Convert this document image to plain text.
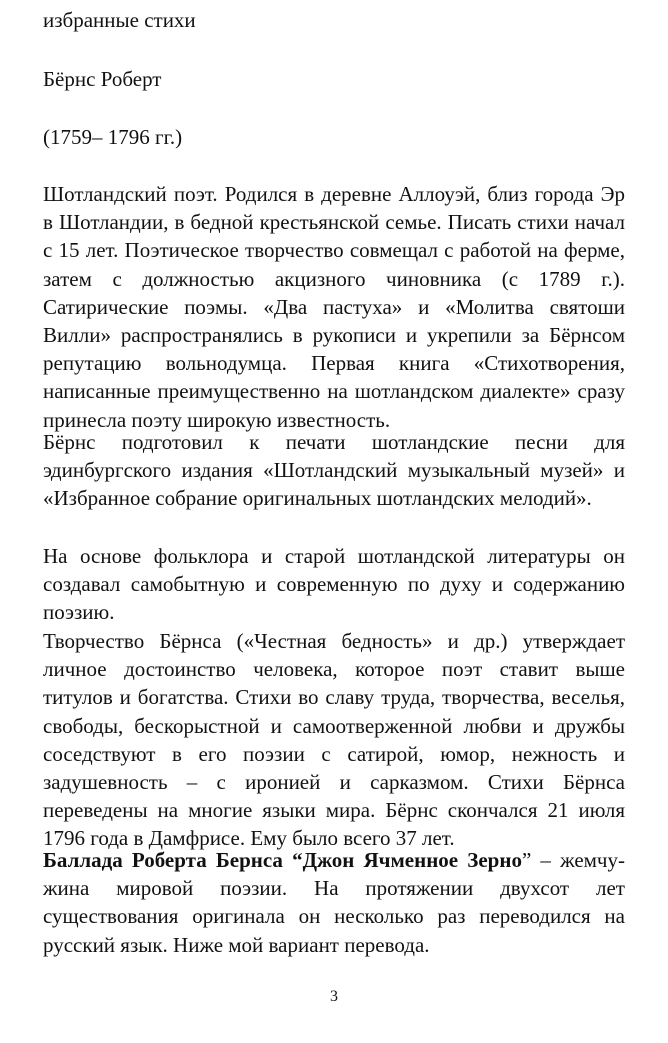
избранные стихи

Бёрнс Роберт

(1759– 1796 гг.)

Шотландский поэт. Родился в деревне Аллоуэй, близ города Эр в Шотландии, в бедной крестьянской семье. Писать стихи начал с 15 лет. Поэтическое творчество совмещал с работой на ферме, затем с должностью акцизного чиновника (с 1789 г.). Сатирические поэмы. «Два пастуха» и «Молитва святоши Вилли» распространялись в рукописи и укрепили за Бёрнсом репутацию вольнодумца. Первая книга «Стихотворения, написанные преимущественно на шотландском диалекте» сразу принесла поэту широкую известность.

Бёрнс подготовил к печати шотландские песни для эдинбургского издания «Шотландский музыкальный музей» и «Избранное собрание оригинальных шотландских мелодий».

На основе фольклора и старой шотландской литературы он создавал самобытную и современную по духу и содержанию поэзию.

Творчество Бёрнса («Честная бедность» и др.) утверждает личное достоинство человека, которое поэт ставит выше титулов и богатства. Стихи во славу труда, творчества, веселья, свободы, бескорыстной и самоотверженной любви и дружбы соседствуют в его поэзии с сатирой, юмор, нежность и задушевность – с иронией и сарказмом. Стихи Бёрнса переведены на многие языки мира. Бёрнс скончался 21 июля 1796 года в Дамфрисе. Ему было всего 37 лет.

Баллада Роберта Бернса “Джон Ячменное Зерно” – жемчужина мировой поэзии. На протяжении двухсот лет существования оригинала он несколько раз переводился на русский язык. Ниже мой вариант перевода.

3
